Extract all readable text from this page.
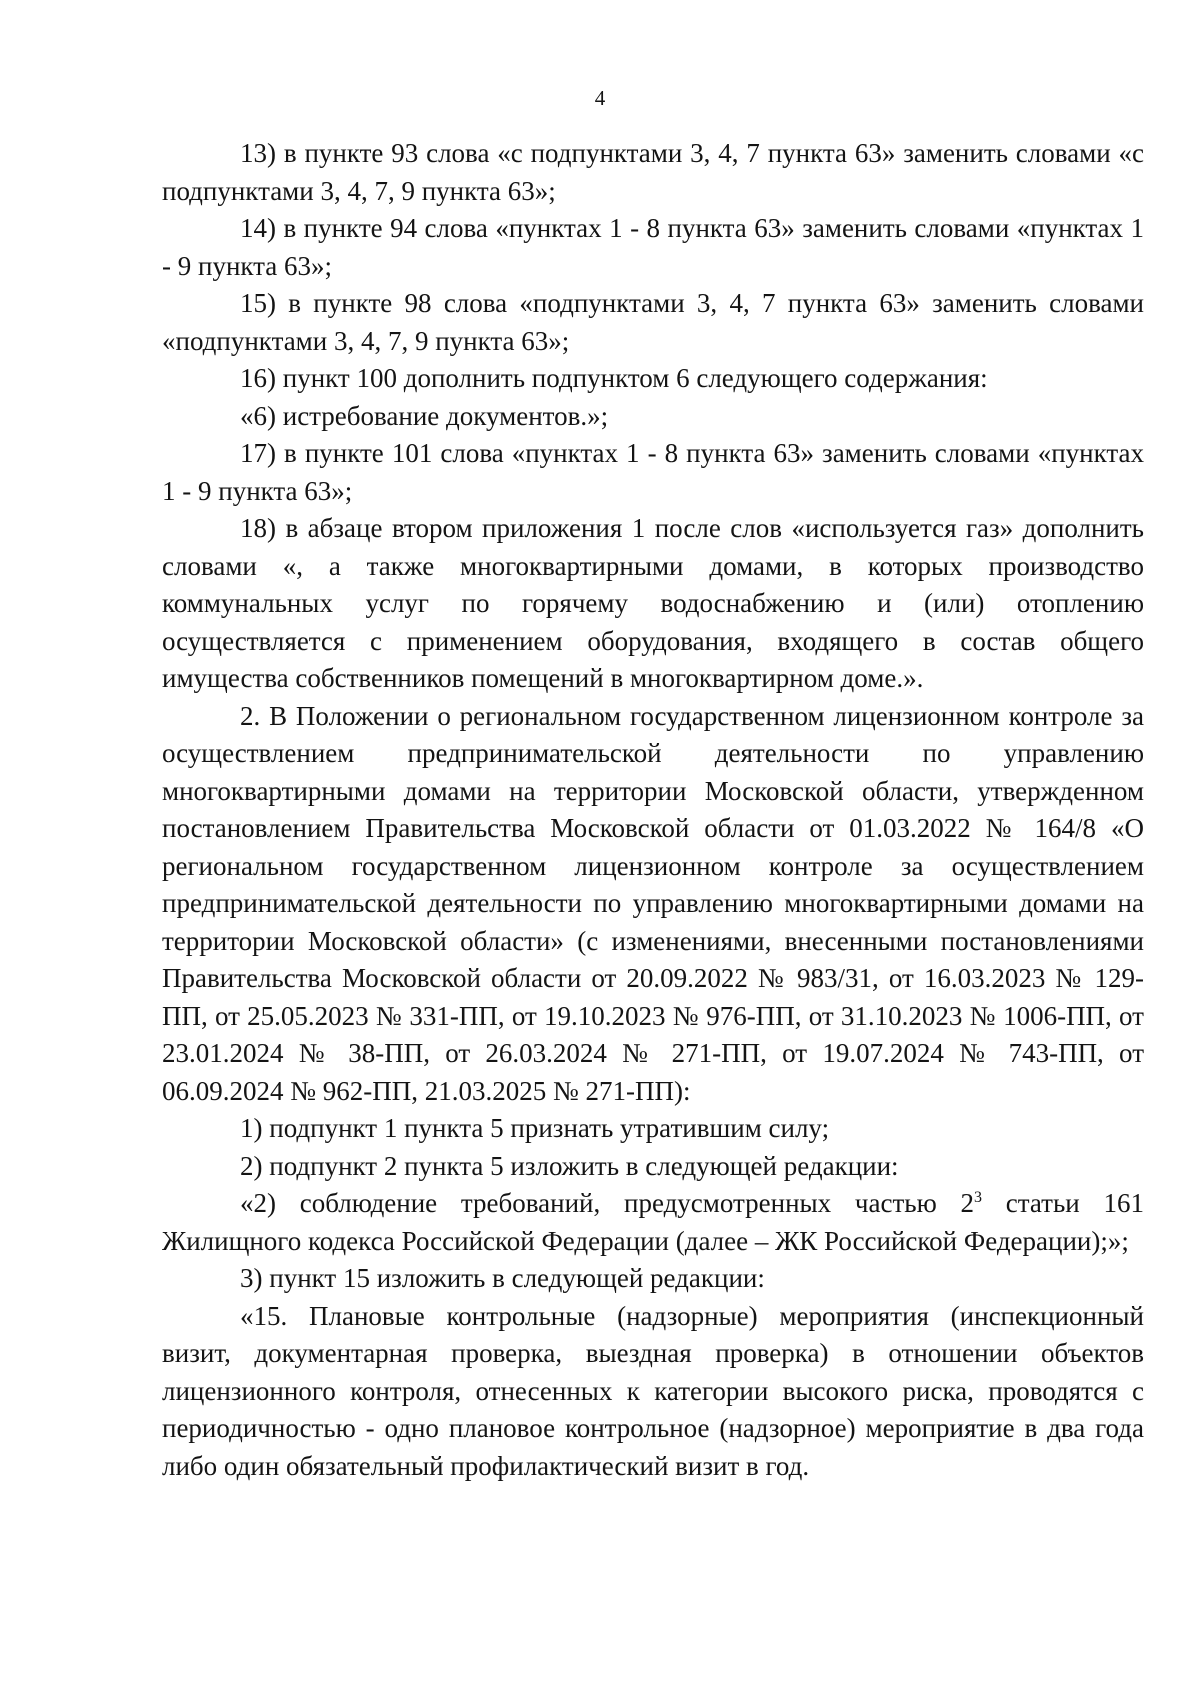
4

13) в пункте 93 слова «с подпунктами 3, 4, 7 пункта 63» заменить словами «с подпунктами 3, 4, 7, 9 пункта 63»;

14) в пункте 94 слова «пунктах 1 - 8 пункта 63» заменить словами «пунктах 1 - 9 пункта 63»;

15) в пункте 98 слова «подпунктами 3, 4, 7 пункта 63» заменить словами «подпунктами 3, 4, 7, 9 пункта 63»;

16) пункт 100 дополнить подпунктом 6 следующего содержания:

«6) истребование документов.»;

17) в пункте 101 слова «пунктах 1 - 8 пункта 63» заменить словами «пунктах 1 - 9 пункта 63»;

18) в абзаце втором приложения 1 после слов «используется газ» дополнить словами «, а также многоквартирными домами, в которых производство коммунальных услуг по горячему водоснабжению и (или) отоплению осуществляется с применением оборудования, входящего в состав общего имущества собственников помещений в многоквартирном доме.».

2. В Положении о региональном государственном лицензионном контроле за осуществлением предпринимательской деятельности по управлению многоквартирными домами на территории Московской области, утвержденном постановлением Правительства Московской области от 01.03.2022 № 164/8 «О региональном государственном лицензионном контроле за осуществлением предпринимательской деятельности по управлению многоквартирными домами на территории Московской области» (с изменениями, внесенными постановлениями Правительства Московской области от 20.09.2022 № 983/31, от 16.03.2023 № 129-ПП, от 25.05.2023 № 331-ПП, от 19.10.2023 № 976-ПП, от 31.10.2023 № 1006-ПП, от 23.01.2024 № 38-ПП, от 26.03.2024 № 271-ПП, от 19.07.2024 № 743-ПП, от 06.09.2024 № 962-ПП, 21.03.2025 № 271-ПП):

1) подпункт 1 пункта 5 признать утратившим силу;

2) подпункт 2 пункта 5 изложить в следующей редакции:

«2) соблюдение требований, предусмотренных частью $2^3$ статьи 161 Жилищного кодекса Российской Федерации (далее – ЖК Российской Федерации);»;

3) пункт 15 изложить в следующей редакции:

«15. Плановые контрольные (надзорные) мероприятия (инспекционный визит, документарная проверка, выездная проверка) в отношении объектов лицензионного контроля, отнесенных к категории высокого риска, проводятся с периодичностью - одно плановое контрольное (надзорное) мероприятие в два года либо один обязательный профилактический визит в год.
